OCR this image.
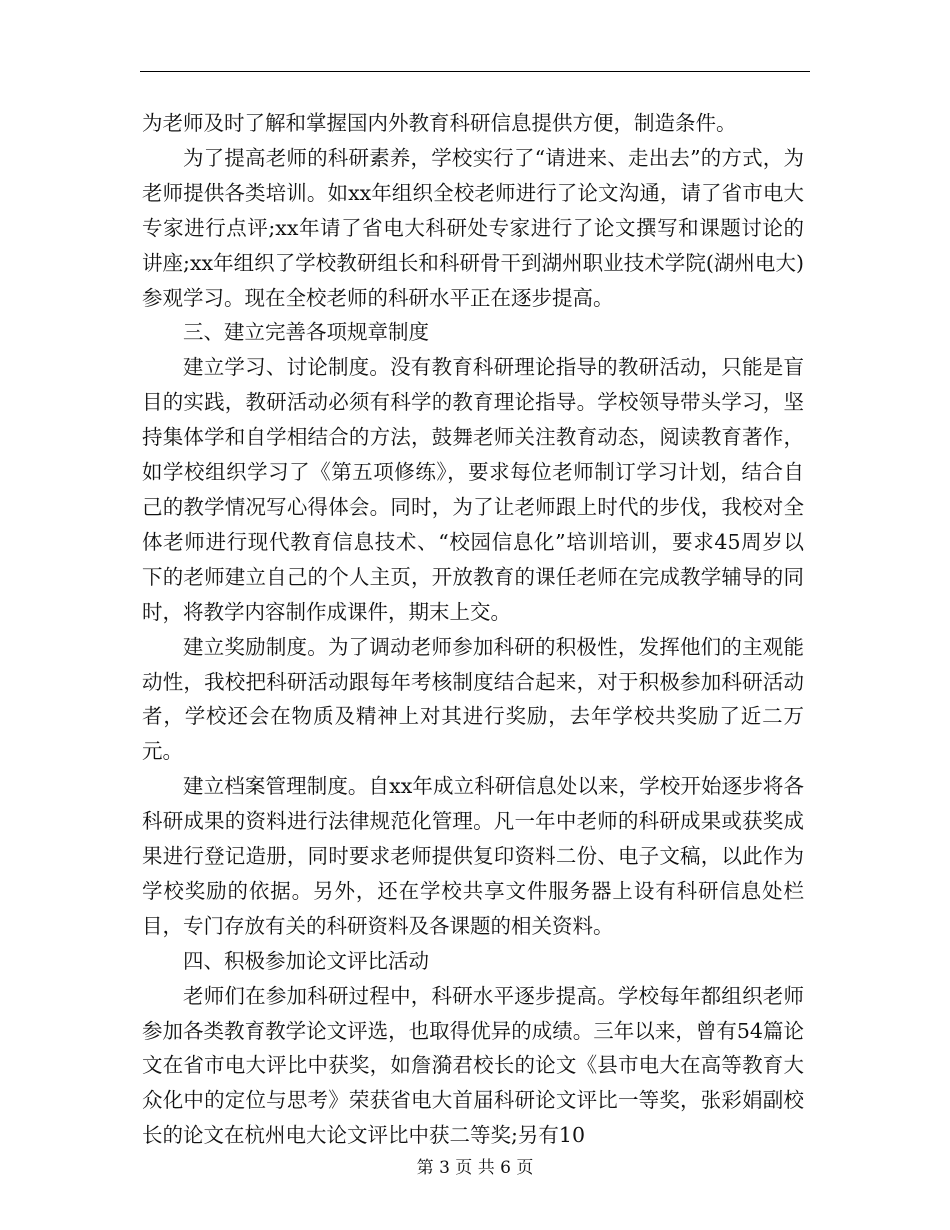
为老师及时了解和掌握国内外教育科研信息提供方便，制造条件。

为了提高老师的科研素养，学校实行了“请进来、走出去”的方式，为老师提供各类培训。如xx年组织全校老师进行了论文沟通，请了省市电大专家进行点评;xx年请了省电大科研处专家进行了论文撰写和课题讨论的讲座;xx年组织了学校教研组长和科研骨干到湖州职业技术学院(湖州电大)参观学习。现在全校老师的科研水平正在逐步提高。

三、建立完善各项规章制度

建立学习、讨论制度。没有教育科研理论指导的教研活动，只能是盲目的实践，教研活动必须有科学的教育理论指导。学校领导带头学习，坚持集体学和自学相结合的方法，鼓舞老师关注教育动态，阅读教育著作，如学校组织学习了《第五项修练》，要求每位老师制订学习计划，结合自己的教学情况写心得体会。同时，为了让老师跟上时代的步伐，我校对全体老师进行现代教育信息技术、“校园信息化”培训培训，要求45周岁以下的老师建立自己的个人主页，开放教育的课任老师在完成教学辅导的同时，将教学内容制作成课件，期末上交。

建立奖励制度。为了调动老师参加科研的积极性，发挥他们的主观能动性，我校把科研活动跟每年考核制度结合起来，对于积极参加科研活动者，学校还会在物质及精神上对其进行奖励，去年学校共奖励了近二万元。

建立档案管理制度。自xx年成立科研信息处以来，学校开始逐步将各科研成果的资料进行法律规范化管理。凡一年中老师的科研成果或获奖成果进行登记造册，同时要求老师提供复印资料二份、电子文稿，以此作为学校奖励的依据。另外，还在学校共享文件服务器上设有科研信息处栏目，专门存放有关的科研资料及各课题的相关资料。

四、积极参加论文评比活动

老师们在参加科研过程中，科研水平逐步提高。学校每年都组织老师参加各类教育教学论文评选，也取得优异的成绩。三年以来，曾有54篇论文在省市电大评比中获奖，如詹漪君校长的论文《县市电大在高等教育大众化中的定位与思考》荣获省电大首届科研论文评比一等奖，张彩娟副校长的论文在杭州电大论文评比中获二等奖;另有10

第 3 页 共 6 页
